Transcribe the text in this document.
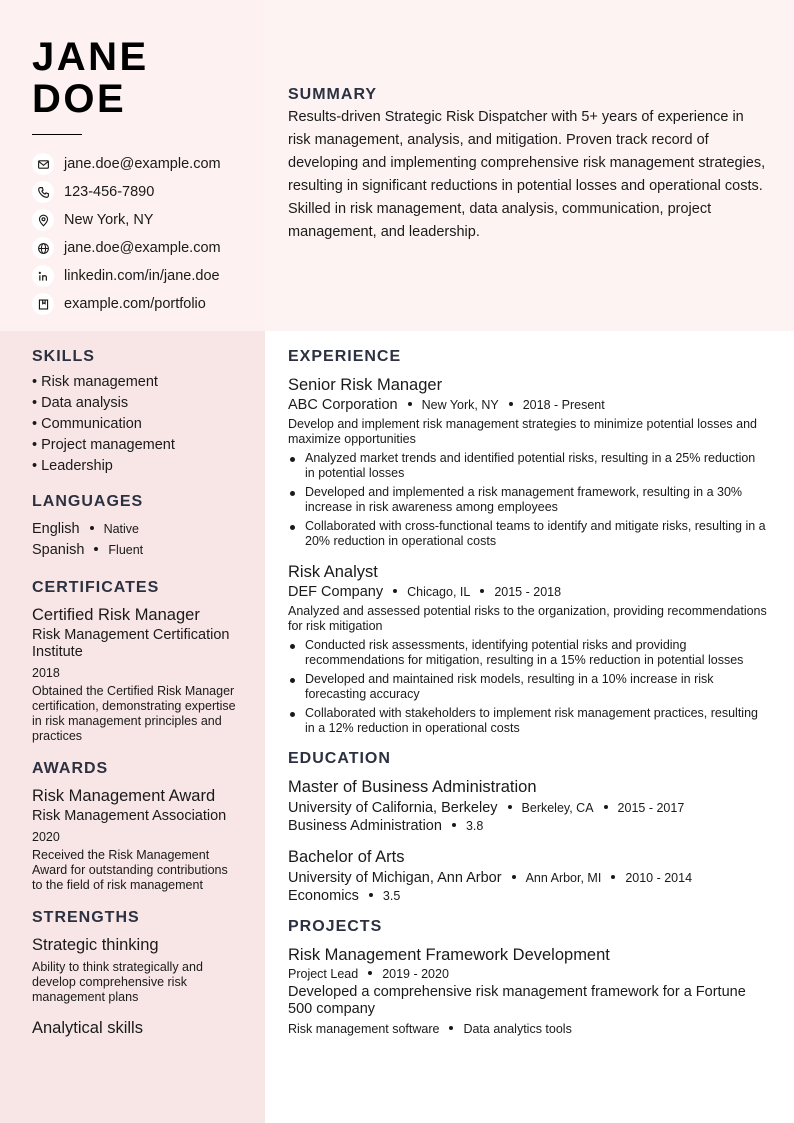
JANE
DOE
jane.doe@example.com
123-456-7890
New York, NY
jane.doe@example.com
linkedin.com/in/jane.doe
example.com/portfolio
SUMMARY
Results-driven Strategic Risk Dispatcher with 5+ years of experience in risk management, analysis, and mitigation. Proven track record of developing and implementing comprehensive risk management strategies, resulting in significant reductions in potential losses and operational costs. Skilled in risk management, data analysis, communication, project management, and leadership.
SKILLS
• Risk management
• Data analysis
• Communication
• Project management
• Leadership
LANGUAGES
English Native
Spanish Fluent
CERTIFICATES
Certified Risk Manager
Risk Management Certification Institute
2018
Obtained the Certified Risk Manager certification, demonstrating expertise in risk management principles and practices
AWARDS
Risk Management Award
Risk Management Association
2020
Received the Risk Management Award for outstanding contributions to the field of risk management
STRENGTHS
Strategic thinking
Ability to think strategically and develop comprehensive risk management plans
Analytical skills
EXPERIENCE
Senior Risk Manager
ABC Corporation New York, NY 2018 - Present
Develop and implement risk management strategies to minimize potential losses and maximize opportunities
Analyzed market trends and identified potential risks, resulting in a 25% reduction in potential losses
Developed and implemented a risk management framework, resulting in a 30% increase in risk awareness among employees
Collaborated with cross-functional teams to identify and mitigate risks, resulting in a 20% reduction in operational costs
Risk Analyst
DEF Company Chicago, IL 2015 - 2018
Analyzed and assessed potential risks to the organization, providing recommendations for risk mitigation
Conducted risk assessments, identifying potential risks and providing recommendations for mitigation, resulting in a 15% reduction in potential losses
Developed and maintained risk models, resulting in a 10% increase in risk forecasting accuracy
Collaborated with stakeholders to implement risk management practices, resulting in a 12% reduction in operational costs
EDUCATION
Master of Business Administration
University of California, Berkeley Berkeley, CA 2015 - 2017
Business Administration 3.8
Bachelor of Arts
University of Michigan, Ann Arbor Ann Arbor, MI 2010 - 2014
Economics 3.5
PROJECTS
Risk Management Framework Development
Project Lead 2019 - 2020
Developed a comprehensive risk management framework for a Fortune 500 company
Risk management software Data analytics tools
